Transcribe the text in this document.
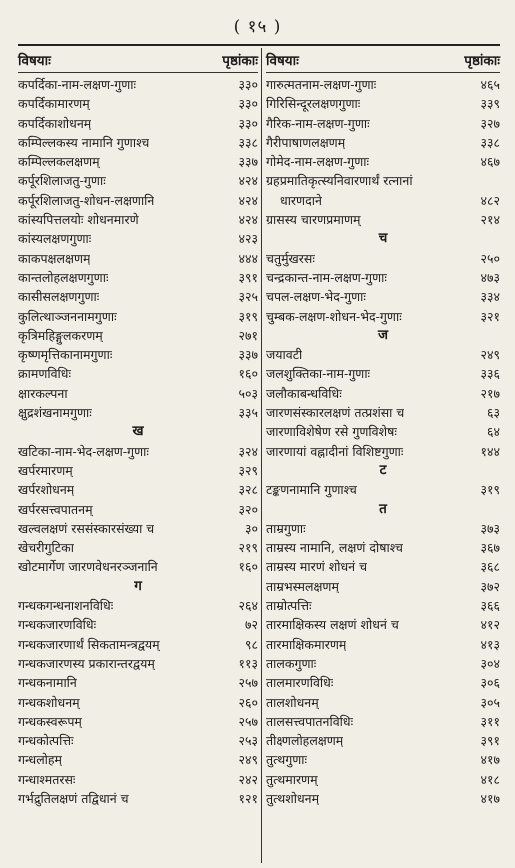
( १५ )
विषयाः	पृष्ठांकाः
कपर्दिका-नाम-लक्षण-गुणाः	३३०
कपर्दिकामारणम्	३३०
कपर्दिकाशोधनम्	३३०
कम्पिल्लकस्य नामानि गुणाश्च	३३८
कम्पिल्लकलक्षणम्	३३७
कर्पूरशिलाजतु-गुणाः	४२४
कर्पूरशिलाजतु-शोधन-लक्षणानि	४२४
कांस्यपित्तलयोः शोधनमारणे	४२४
कांस्यलक्षणगुणाः	४२३
काकपक्षलक्षणम्	४४४
कान्तलोहलक्षणगुणाः	३९१
कासीसलक्षणगुणाः	३२५
कुलित्थाञ्जननामगुणाः	३१९
कृत्रिमहिङ्गुलकरणम्	२७१
कृष्णमृत्तिकानामगुणाः	३३७
क्रामणविधिः	१६०
क्षारकल्पना	५०३
क्षुद्रशंखनामगुणाः	३३५
ख
खटिका-नाम-भेद-लक्षण-गुणाः	३२४
खर्परमारणम्	३२९
खर्परशोधनम्	३२८
खर्परसत्त्वपातनम्	३२०
खल्वलक्षणं रससंस्कारसंख्या च	३०
खेचरीगुटिका	२१९
खोटमार्गेण जारणवेधनरञ्जनानि	१६०
ग
गन्धकगन्धनाशनविधिः	२६४
गन्धकजारणविधिः	७२
गन्धकजारणार्थं सिकतामन्त्रद्वयम्	९८
गन्धकजारणस्य प्रकारान्तरद्वयम्	११३
गन्धकनामानि	२५७
गन्धकशोधनम्	२६०
गन्धकस्वरूपम्	२५७
गन्धकोत्पत्तिः	२५३
गन्धलोहम्	२४९
गन्धाश्मतरसः	२४२
गर्भद्रुतिलक्षणं तद्विधानं च	१२१
विषयाः	पृष्ठांकाः
गारुत्मतनाम-लक्षण-गुणाः	४६५
गिरिसिन्दूरलक्षणगुणाः	३३९
गैरिक-नाम-लक्षण-गुणाः	३२७
गैरीपाषाणलक्षणम्	३३८
गोमेद-नाम-लक्षण-गुणाः	४६७
ग्रहप्रमातिकृत्स्यनिवारणार्थं रत्नानां
धारणदाने	४८२
ग्रासस्य चारणप्रमाणम्	२१४
च
चतुर्मुखरसः	२५०
चन्द्रकान्त-नाम-लक्षण-गुणाः	४७३
चपल-लक्षण-भेद-गुणाः	३३४
चुम्बक-लक्षण-शोधन-भेद-गुणाः	३२१
ज
जयावटी	२४९
जलशुक्तिका-नाम-गुणाः	३३६
जलौकाबन्धविधिः	२१७
जारणसंस्कारलक्षणं तत्प्रशंसा च	६३
जारणाविशेषेण रसे गुणविशेषः	६४
जारणायां वह्नादीनां विशिष्टगुणाः	१४४
ट
टङ्कणनामानि गुणाश्च	३१९
त
ताम्रगुणाः	३७३
ताम्रस्य नामानि, लक्षणं दोषाश्च	३६७
ताम्रस्य मारणं शोधनं च	३६८
ताम्रभस्मलक्षणम्	३७२
ताम्रोत्पत्तिः	३६६
तारमाक्षिकस्य लक्षणं शोधनं च	४१२
तारमाक्षिकमारणम्	४१३
तालकगुणाः	३०४
तालमारणविधिः	३०६
तालशोधनम्	३०५
तालसत्त्वपातनविधिः	३११
तीक्ष्णलोहलक्षणम्	३९१
तुत्थगुणाः	४१७
तुत्थमारणम्	४१८
तुत्थशोधनम्	४१७
